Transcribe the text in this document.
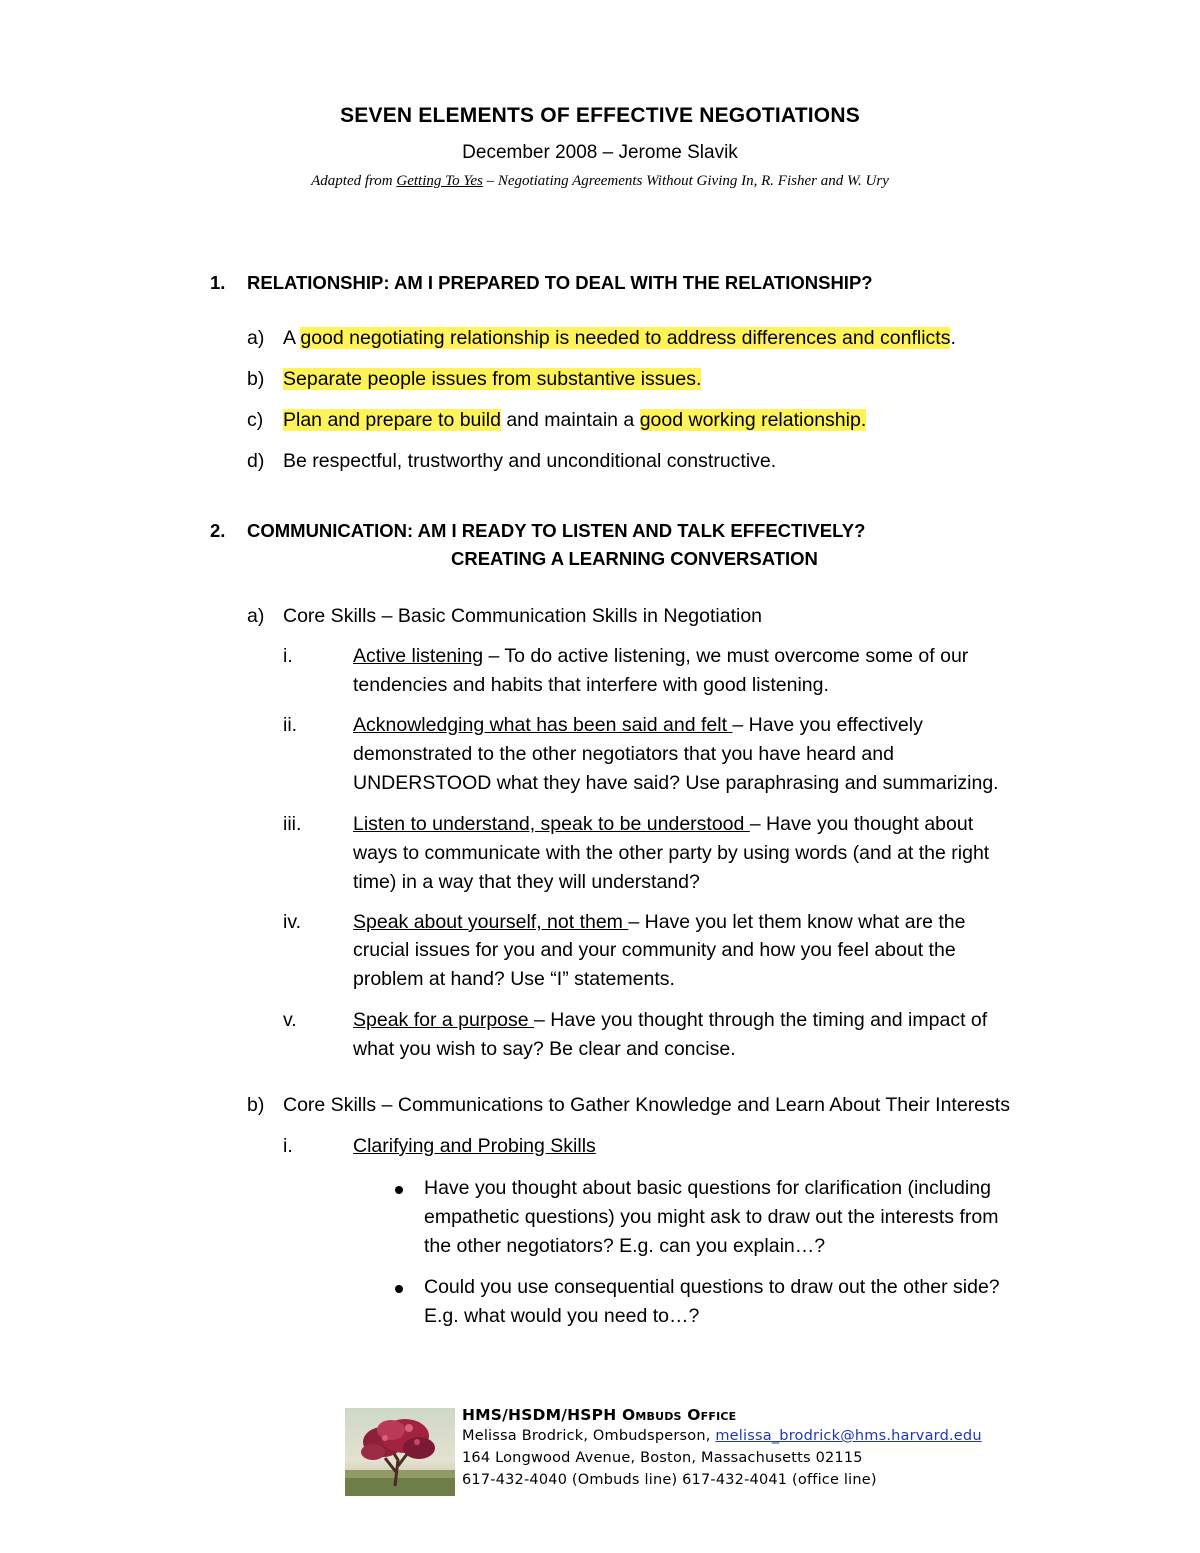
SEVEN ELEMENTS OF EFFECTIVE NEGOTIATIONS
December 2008 – Jerome Slavik
Adapted from Getting To Yes – Negotiating Agreements Without Giving In, R. Fisher and W. Ury
1. RELATIONSHIP: AM I PREPARED TO DEAL WITH THE RELATIONSHIP?
a) A good negotiating relationship is needed to address differences and conflicts.
b) Separate people issues from substantive issues.
c) Plan and prepare to build and maintain a good working relationship.
d) Be respectful, trustworthy and unconditional constructive.
2. COMMUNICATION: AM I READY TO LISTEN AND TALK EFFECTIVELY?
CREATING A LEARNING CONVERSATION
a) Core Skills – Basic Communication Skills in Negotiation
i.	Active listening – To do active listening, we must overcome some of our
tendencies and habits that interfere with good listening.
ii.	Acknowledging what has been said and felt – Have you effectively
demonstrated to the other negotiators that you have heard and
UNDERSTOOD what they have said? Use paraphrasing and summarizing.
iii.	Listen to understand, speak to be understood – Have you thought about
ways to communicate with the other party by using words (and at the right
time) in a way that they will understand?
iv.	Speak about yourself, not them – Have you let them know what are the
crucial issues for you and your community and how you feel about the
problem at hand? Use “I” statements.
v.	Speak for a purpose – Have you thought through the timing and impact of
what you wish to say? Be clear and concise.
b) Core Skills – Communications to Gather Knowledge and Learn About Their Interests
i.	Clarifying and Probing Skills
Have you thought about basic questions for clarification (including
empathetic questions) you might ask to draw out the interests from
the other negotiators? E.g. can you explain…?
Could you use consequential questions to draw out the other side?
E.g. what would you need to…?
HMS/HSDM/HSPH Ombuds Office
Melissa Brodrick, Ombudsperson, melissa_brodrick@hms.harvard.edu
164 Longwood Avenue, Boston, Massachusetts 02115
617-432-4040 (Ombuds line) 617-432-4041 (office line)
